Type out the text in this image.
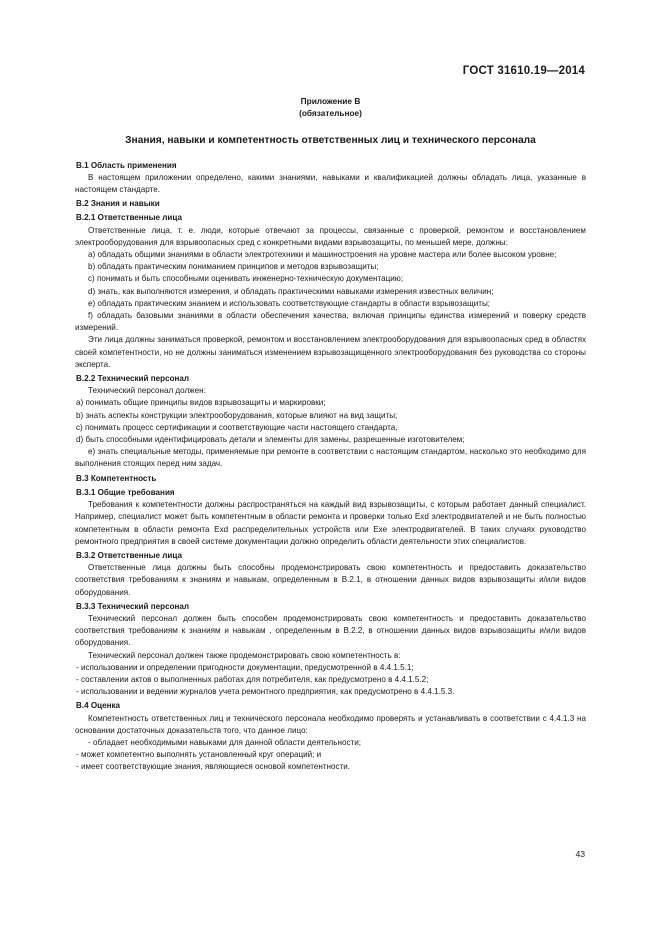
ГОСТ 31610.19—2014
Приложение В
(обязательное)
Знания, навыки и компетентность ответственных лиц и технического персонала
В.1 Область применения
В настоящем приложении определено, какими знаниями, навыками и квалификацией должны обладать лица, указанные в настоящем стандарте.
В.2 Знания и навыки
В.2.1 Ответственные лица
Ответственные лица, т. е. люди, которые отвечают за процессы, связанные с проверкой, ремонтом и восстановлением электрооборудования для взрывоопасных сред с конкретными видами взрывозащиты, по меньшей мере, должны:
а) обладать общими знаниями в области электротехники и машиностроения на уровне мастера или более высоком уровне;
b) обладать практическим пониманием принципов и методов взрывозащиты;
с) понимать и быть способными оценивать инженерно-техническую документацию;
d) знать, как выполняются измерения, и обладать практическими навыками измерения известных величин;
е) обладать практическим знанием и использовать соответствующие стандарты в области взрывозащиты;
f) обладать базовыми знаниями в области обеспечения качества, включая принципы единства измерений и поверку средств измерений.
Эти лица должны заниматься проверкой, ремонтом и восстановлением электрооборудования для взрывоопасных сред в областях своей компетентности, но не должны заниматься изменением взрывозащищенного электрооборудования без руководства со стороны эксперта.
В.2.2 Технический персонал
Технический персонал должен:
а) понимать общие принципы видов взрывозащиты и маркировки;
b) знать аспекты конструкции электрооборудования, которые влияют на вид защиты;
с) понимать процесс сертификации и соответствующие части настоящего стандарта,
d) быть способными идентифицировать детали и элементы для замены, разрешенные изготовителем;
е) знать специальные методы, применяемые при ремонте в соответствии с настоящим стандартом, насколько это необходимо для выполнения стоящих перед ним задач.
В.3 Компетентность
В.3.1 Общие требования
Требования к компетентности должны распространяться на каждый вид взрывозащиты, с которым работает данный специалист. Например, специалист может быть компетентным в области ремонта и проверки только Exd электродвигателей и не быть полностью компетентным в области ремонта Exd распределительных устройств или Exe электродвигателей. В таких случаях руководство ремонтного предприятия в своей системе документации должно определить области деятельности этих специалистов.
В.3.2 Ответственные лица
Ответственные лица должны быть способны продемонстрировать свою компетентность и предоставить доказательство соответствия требованиям к знаниям и навыкам, определенным в В.2.1, в отношении данных видов взрывозащиты и/или видов оборудования.
В.3.3 Технический персонал
Технический персонал должен быть способен продемонстрировать свою компетентность и предоставить доказательство соответствия требованиям к знаниям и навыкам , определенным в В.2.2, в отношении данных видов взрывозащиты и/или видов оборудования.
Технический персонал должен также продемонстрировать свою компетентность в:
- использовании и определении пригодности документации, предусмотренной в 4.4.1.5.1;
- составлении актов о выполненных работах для потребителя, как предусмотрено в 4.4.1.5.2;
- использовании и ведении журналов учета ремонтного предприятия, как предусмотрено в 4.4.1.5.3.
В.4 Оценка
Компетентность ответственных лиц и технического персонала необходимо проверять и устанавливать в соответствии с 4.4.1.3 на основании достаточных доказательств того, что данное лицо:
- обладает необходимыми навыками для данной области деятельности;
- может компетентно выполнять установленный круг операций; и
- имеет соответствующие знания, являющиеся основой компетентности.
43
